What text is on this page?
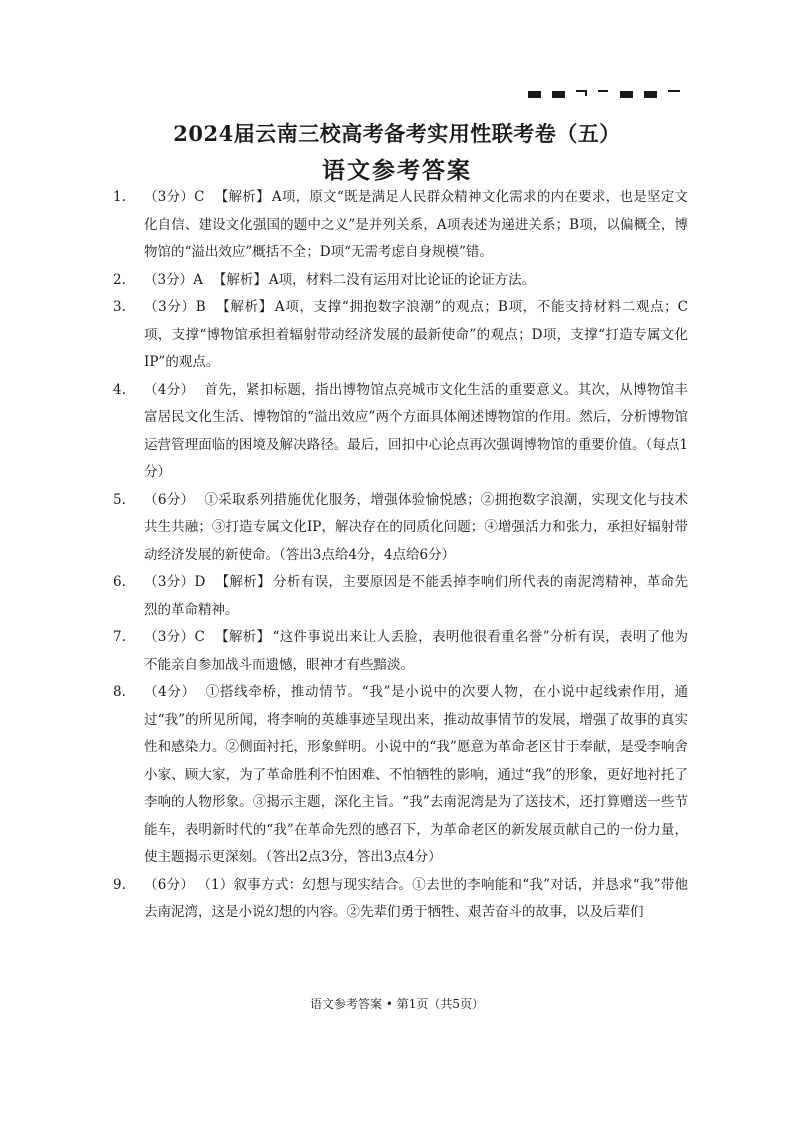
2024届云南三校高考备考实用性联考卷（五）
语文参考答案
1.	（3分）C 【解析】 A项，原文“既是满足人民群众精神文化需求的内在要求，也是坚定文化自信、建设文化强国的题中之义”是并列关系，A项表述为递进关系；B项，以偏概全，博物馆的“溢出效应”概括不全；D项“无需考虑自身规模”错。
2.	（3分）A 【解析】 A项，材料二没有运用对比论证的论证方法。
3.	（3分）B 【解析】 A项，支撑“拥抱数字浪潮”的观点；B项，不能支持材料二观点；C项，支撑“博物馆承担着辐射带动经济发展的最新使命”的观点；D项，支撑“打造专属文化IP”的观点。
4.	（4分） 首先，紧扣标题，指出博物馆点亮城市文化生活的重要意义。其次，从博物馆丰富居民文化生活、博物馆的“溢出效应”两个方面具体阐述博物馆的作用。然后，分析博物馆运营管理面临的困境及解决路径。最后，回扣中心论点再次强调博物馆的重要价值。（每点1分）
5.	（6分） ①采取系列措施优化服务，增强体验愉悦感；②拥抱数字浪潮，实现文化与技术共生共融；③打造专属文化IP，解决存在的同质化问题；④增强活力和张力，承担好辐射带动经济发展的新使命。（答出3点给4分，4点给6分）
6.	（3分）D 【解析】 分析有误，主要原因是不能丢掉李响们所代表的南泥湾精神，革命先烈的革命精神。
7.	（3分）C 【解析】 “这件事说出来让人丢脸，表明他很看重名誉”分析有误，表明了他为不能亲自参加战斗而遗憾，眼神才有些黯淡。
8.	（4分） ①搭线牵桥，推动情节。“我”是小说中的次要人物，在小说中起线索作用，通过“我”的所见所闻，将李响的英雄事迹呈现出来，推动故事情节的发展，增强了故事的真实性和感染力。②侧面衬托，形象鲜明。小说中的“我”愿意为革命老区甘于奉献，是受李响舍小家、顾大家，为了革命胜利不怕困难、不怕牺牲的影响，通过“我”的形象，更好地衬托了李响的人物形象。③揭示主题，深化主旨。“我”去南泥湾是为了送技术，还打算赠送一些节能车，表明新时代的“我”在革命先烈的感召下，为革命老区的新发展贡献自己的一份力量，使主题揭示更深刻。（答出2点3分，答出3点4分）
9.	（6分） （1）叙事方式：幻想与现实结合。①去世的李响能和“我”对话，并恳求“我”带他去南泥湾，这是小说幻想的内容。②先辈们勇于牺牲、艰苦奋斗的故事，以及后辈们
语文参考答案 • 第1页（共5页）
